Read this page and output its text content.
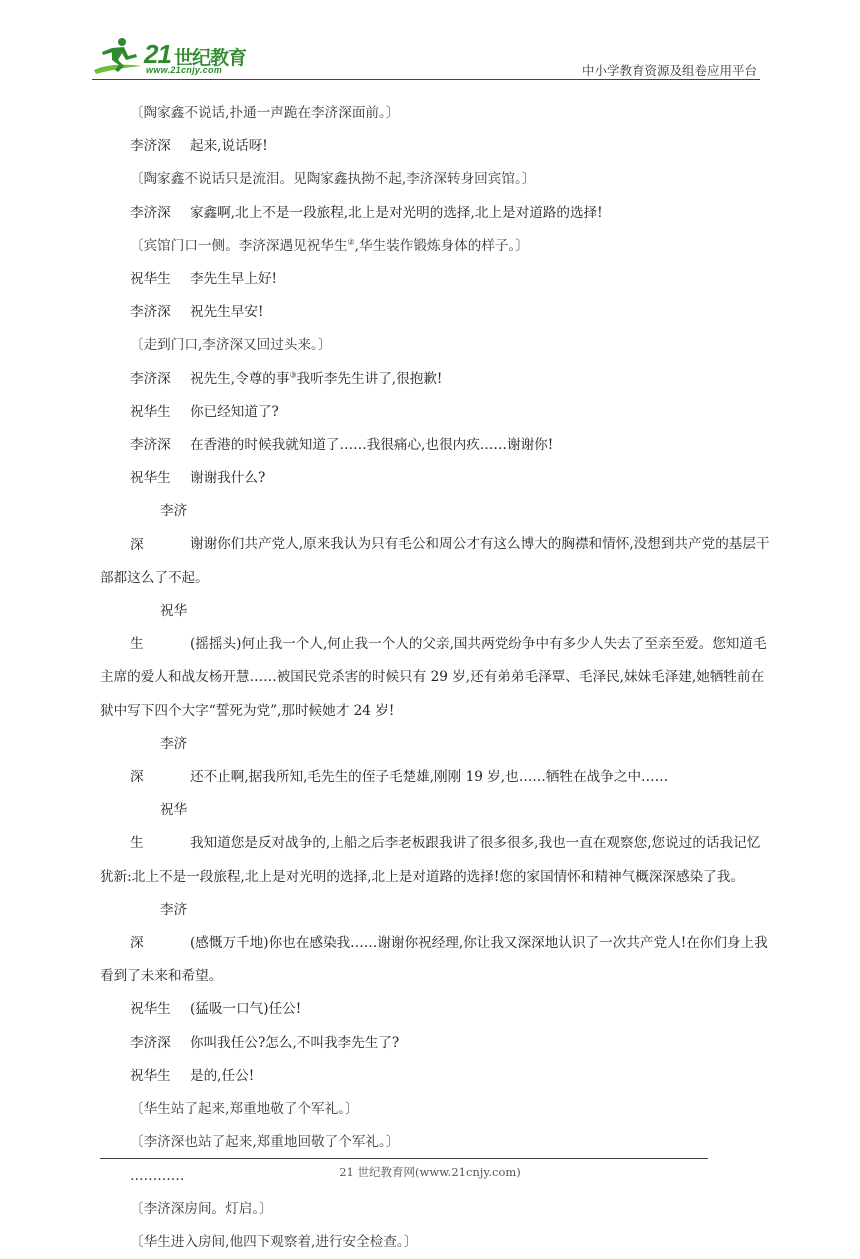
21 世纪教育
www.21cnjy.com	中小学教育资源及组卷应用平台

〔陶家鑫不说话,扑通一声跪在李济深面前。〕

李济深 起来,说话呀!

〔陶家鑫不说话只是流泪。见陶家鑫执拗不起,李济深转身回宾馆。〕

李济深 家鑫啊,北上不是一段旅程,北上是对光明的选择,北上是对道路的选择!

〔宾馆门口一侧。李济深遇见祝华生②,华生装作锻炼身体的样子。〕

祝华生 李先生早上好!

李济深 祝先生早安!

〔走到门口,李济深又回过头来。〕

李济深 祝先生,令尊的事③我听李先生讲了,很抱歉!

祝华生 你已经知道了?

李济深 在香港的时候我就知道了……我很痛心,也很内疚……谢谢你!

祝华生 谢谢我什么?

李济深	谢谢你们共产党人,原来我认为只有毛公和周公才有这么博大的胸襟和情怀,没想到共产党的基层干部都这么了不起。

祝华生	(摇摇头)何止我一个人,何止我一个人的父亲,国共两党纷争中有多少人失去了至亲至爱。您知道毛主席的爱人和战友杨开慧……被国民党杀害的时候只有 29 岁,还有弟弟毛泽覃、毛泽民,妹妹毛泽建,她牺牲前在狱中写下四个大字“誓死为党”,那时候她才 24 岁!

李济深	还不止啊,据我所知,毛先生的侄子毛楚雄,刚刚 19 岁,也……牺牲在战争之中……

祝华生	我知道您是反对战争的,上船之后李老板跟我讲了很多很多,我也一直在观察您,您说过的话我记忆犹新:北上不是一段旅程,北上是对光明的选择,北上是对道路的选择!您的家国情怀和精神气概深深感染了我。

李济深	(感慨万千地)你也在感染我……谢谢你祝经理,你让我又深深地认识了一次共产党人!在你们身上我看到了未来和希望。

祝华生 (猛吸一口气)任公!

李济深 你叫我任公?怎么,不叫我李先生了?

祝华生 是的,任公!

〔华生站了起来,郑重地敬了个军礼。〕

〔李济深也站了起来,郑重地回敬了个军礼。〕

…………

〔李济深房间。灯启。〕

〔华生进入房间,他四下观察着,进行安全检查。〕

21 世纪教育网(www.21cnjy.com)
